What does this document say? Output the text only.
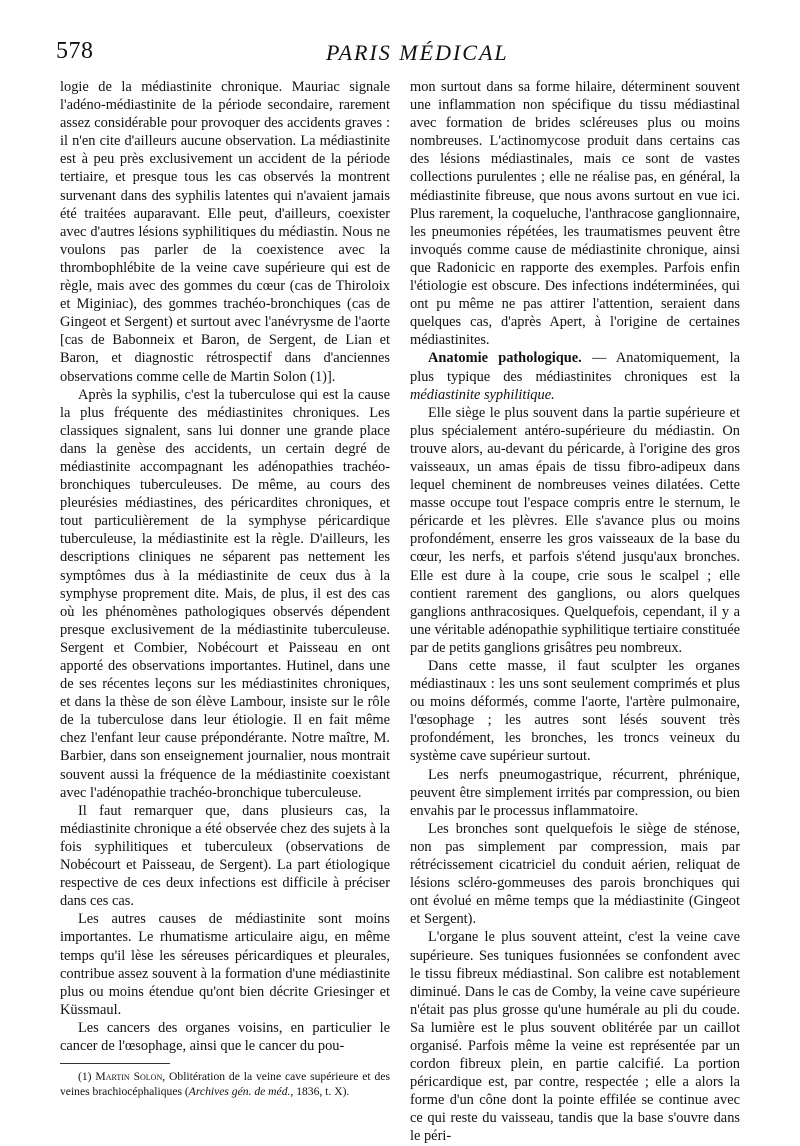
578	PARIS MÉDICAL

logie de la médiastinite chronique. Mauriac signale l'adéno-médiastinite de la période secondaire, rarement assez considérable pour provoquer des accidents graves : il n'en cite d'ailleurs aucune observation. La médiastinite est à peu près exclusivement un accident de la période tertiaire, et presque tous les cas observés la montrent survenant dans des syphilis latentes qui n'avaient jamais été traitées auparavant. Elle peut, d'ailleurs, coexister avec d'autres lésions syphilitiques du médiastin. Nous ne voulons pas parler de la coexistence avec la thrombophlébite de la veine cave supérieure qui est de règle, mais avec des gommes du cœur (cas de Thiroloix et Miginiac), des gommes trachéo-bronchiques (cas de Gingeot et Sergent) et surtout avec l'anévrysme de l'aorte [cas de Babonneix et Baron, de Sergent, de Lian et Baron, et diagnostic rétrospectif dans d'anciennes observations comme celle de Martin Solon (1)].

Après la syphilis, c'est la tuberculose qui est la cause la plus fréquente des médiastinites chroniques. Les classiques signalent, sans lui donner une grande place dans la genèse des accidents, un certain degré de médiastinite accompagnant les adénopathies trachéo-bronchiques tuberculeuses. De même, au cours des pleurésies médiastines, des péricardites chroniques, et tout particulièrement de la symphyse péricardique tuberculeuse, la médiastinite est la règle. D'ailleurs, les descriptions cliniques ne séparent pas nettement les symptômes dus à la médiastinite de ceux dus à la symphyse proprement dite. Mais, de plus, il est des cas où les phénomènes pathologiques observés dépendent presque exclusivement de la médiastinite tuberculeuse. Sergent et Combier, Nobécourt et Paisseau en ont apporté des observations importantes. Hutinel, dans une de ses récentes leçons sur les médiastinites chroniques, et dans la thèse de son élève Lambour, insiste sur le rôle de la tuberculose dans leur étiologie. Il en fait même chez l'enfant leur cause prépondérante. Notre maître, M. Barbier, dans son enseignement journalier, nous montrait souvent aussi la fréquence de la médiastinite coexistant avec l'adénopathie trachéo-bronchique tuberculeuse.

Il faut remarquer que, dans plusieurs cas, la médiastinite chronique a été observée chez des sujets à la fois syphilitiques et tuberculeux (observations de Nobécourt et Paisseau, de Sergent). La part étiologique respective de ces deux infections est difficile à préciser dans ces cas.

Les autres causes de médiastinite sont moins importantes. Le rhumatisme articulaire aigu, en même temps qu'il lèse les séreuses péricardiques et pleurales, contribue assez souvent à la formation d'une médiastinite plus ou moins étendue qu'ont bien décrite Griesinger et Küssmaul.

Les cancers des organes voisins, en particulier le cancer de l'œsophage, ainsi que le cancer du pou-

(1) Martin Solon, Oblitération de la veine cave supérieure et des veines brachiocéphaliques (Archives gén. de méd., 1836, t. X).

mon surtout dans sa forme hilaire, déterminent souvent une inflammation non spécifique du tissu médiastinal avec formation de brides scléreuses plus ou moins nombreuses. L'actinomycose produit dans certains cas des lésions médiastinales, mais ce sont de vastes collections purulentes ; elle ne réalise pas, en général, la médiastinite fibreuse, que nous avons surtout en vue ici. Plus rarement, la coqueluche, l'anthracose ganglionnaire, les pneumonies répétées, les traumatismes peuvent être invoqués comme cause de médiastinite chronique, ainsi que Radonicic en rapporte des exemples. Parfois enfin l'étiologie est obscure. Des infections indéterminées, qui ont pu même ne pas attirer l'attention, seraient dans quelques cas, d'après Apert, à l'origine de certaines médiastinites.

Anatomie pathologique. — Anatomiquement, la plus typique des médiastinites chroniques est la médiastinite syphilitique.

Elle siège le plus souvent dans la partie supérieure et plus spécialement antéro-supérieure du médiastin. On trouve alors, au-devant du péricarde, à l'origine des gros vaisseaux, un amas épais de tissu fibro-adipeux dans lequel cheminent de nombreuses veines dilatées. Cette masse occupe tout l'espace compris entre le sternum, le péricarde et les plèvres. Elle s'avance plus ou moins profondément, enserre les gros vaisseaux de la base du cœur, les nerfs, et parfois s'étend jusqu'aux bronches. Elle est dure à la coupe, crie sous le scalpel ; elle contient rarement des ganglions, ou alors quelques ganglions anthracosiques. Quelquefois, cependant, il y a une véritable adénopathie syphilitique tertiaire constituée par de petits ganglions grisâtres peu nombreux.

Dans cette masse, il faut sculpter les organes médiastinaux : les uns sont seulement comprimés et plus ou moins déformés, comme l'aorte, l'artère pulmonaire, l'œsophage ; les autres sont lésés souvent très profondément, les bronches, les troncs veineux du système cave supérieur surtout.

Les nerfs pneumogastrique, récurrent, phrénique, peuvent être simplement irrités par compression, ou bien envahis par le processus inflammatoire.

Les bronches sont quelquefois le siège de sténose, non pas simplement par compression, mais par rétrécissement cicatriciel du conduit aérien, reliquat de lésions scléro-gommeuses des parois bronchiques qui ont évolué en même temps que la médiastinite (Gingeot et Sergent).

L'organe le plus souvent atteint, c'est la veine cave supérieure. Ses tuniques fusionnées se confondent avec le tissu fibreux médiastinal. Son calibre est notablement diminué. Dans le cas de Comby, la veine cave supérieure n'était pas plus grosse qu'une humérale au pli du coude. Sa lumière est le plus souvent oblitérée par un caillot organisé. Parfois même la veine est représentée par un cordon fibreux plein, en partie calcifié. La portion péricardique est, par contre, respectée ; elle a alors la forme d'un cône dont la pointe effilée se continue avec ce qui reste du vaisseau, tandis que la base s'ouvre dans le péri-
